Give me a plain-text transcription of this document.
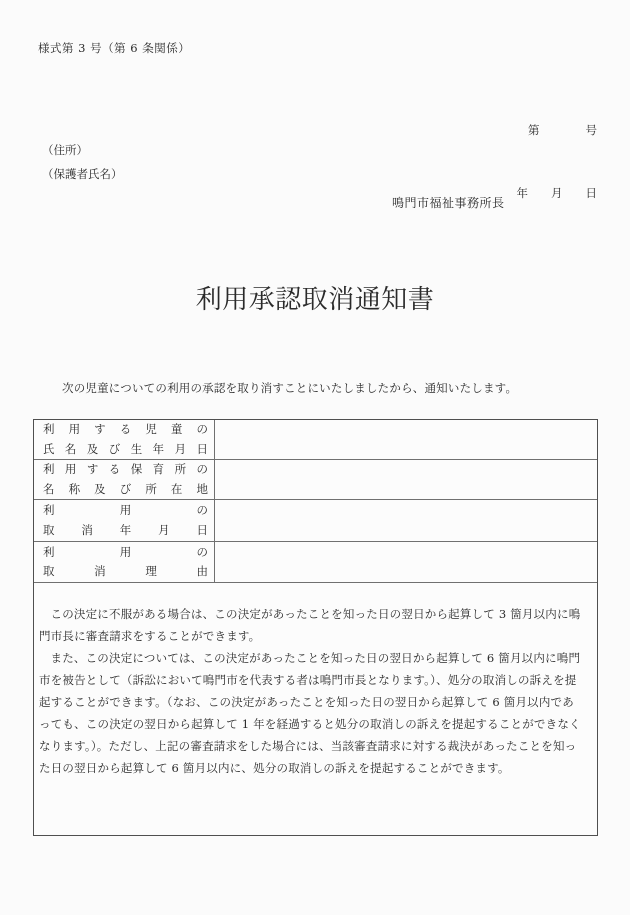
様式第 3 号（第 6 条関係）

第　　　　号

年　　月　　日

（住所）
（保護者氏名）
鳴門市福祉事務所長
利用承認取消通知書

次の児童についての利用の承認を取り消すことにいたしましたから、通知いたします。

利用する児童の
氏名及び生年月日
利用する保育所の
名称及び所在地
利用の
取消年月日
利用の
取消理由

この決定に不服がある場合は、この決定があったことを知った日の翌日から起算して 3 箇月以内に鳴門市長に審査請求をすることができます。

また、この決定については、この決定があったことを知った日の翌日から起算して 6 箇月以内に鳴門市を被告として（訴訟において鳴門市を代表する者は鳴門市長となります。）、処分の取消しの訴えを提起することができます。（なお、この決定があったことを知った日の翌日から起算して 6 箇月以内であっても、この決定の翌日から起算して 1 年を経過すると処分の取消しの訴えを提起することができなくなります。）。ただし、上記の審査請求をした場合には、当該審査請求に対する裁決があったことを知った日の翌日から起算して 6 箇月以内に、処分の取消しの訴えを提起することができます。
